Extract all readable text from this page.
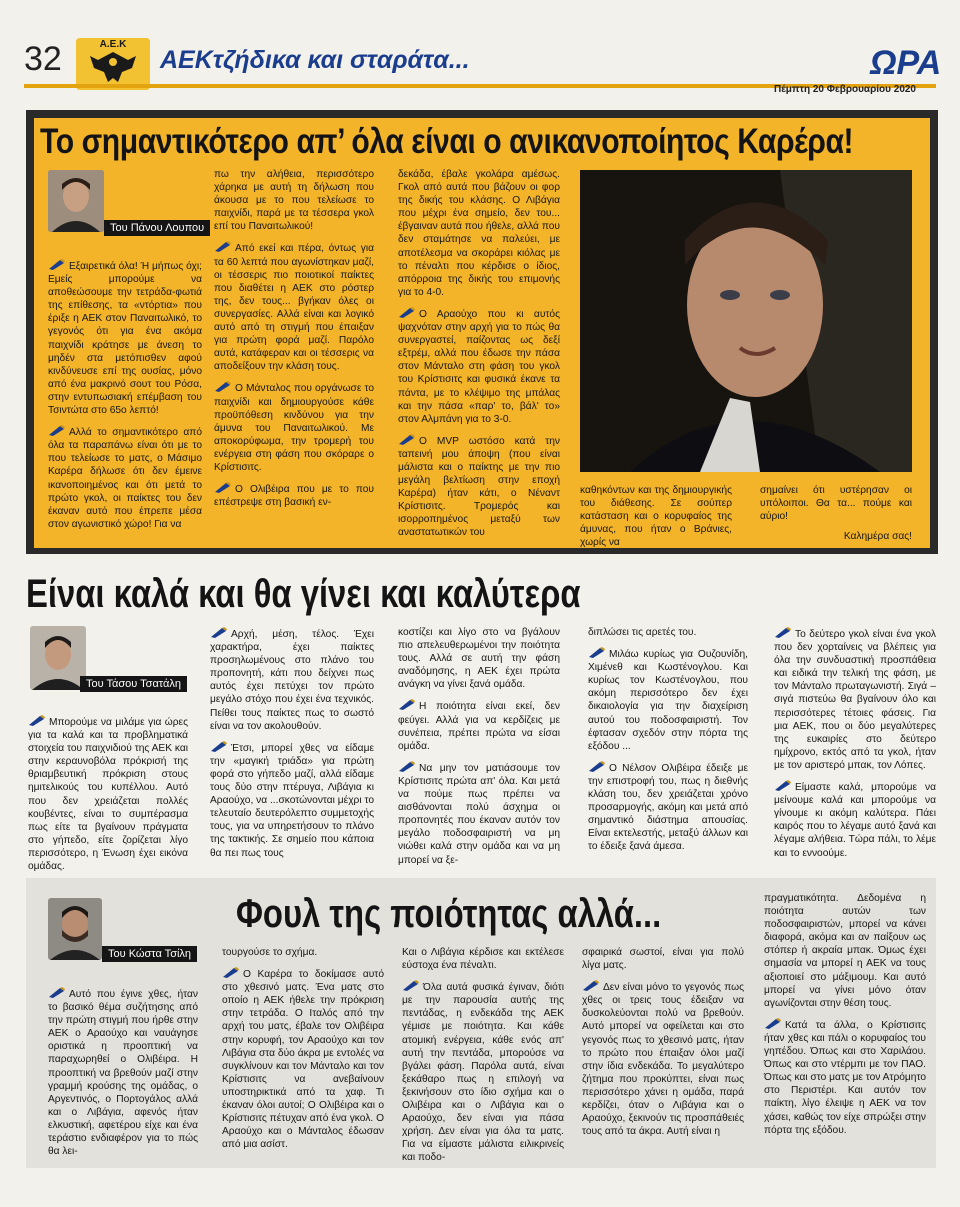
32	Α.Ε.Κ
ΑΕΚτζήδικα και σταράτα...	ΩΡΑ
Πέμπτη 20 Φεβρουαρίου 2020
Το σημαντικότερο απ’ όλα είναι ο ανικανοποίητος Καρέρα!
Του Πάνου Λουπου

Εξαιρετικά όλα! Ή μήπως όχι; Εμείς μπορούμε να αποθεώσουμε την τετράδα-φωτιά της επίθεσης, τα «ντόρτια» που έριξε η ΑΕΚ στον Παναιτωλικό, το γεγονός ότι για ένα ακόμα παιχνίδι κράτησε με άνεση το μηδέν στα μετόπισθεν αφού κινδύνευσε επί της ουσίας, μόνο από ένα μακρινό σουτ του Ρόσα, στην εντυπωσιακή επέμβαση του Τσιντώτα στο 65ο λεπτό!

Αλλά το σημαντικότερο από όλα τα παραπάνω είναι ότι με το που τελείωσε το ματς, ο Μάσιμο Καρέρα δήλωσε ότι δεν έμεινε ικανοποιημένος και ότι μετά το πρώτο γκολ, οι παίκτες του δεν έκαναν αυτό που έπρεπε μέσα στον αγωνιστικό χώρο! Για να

πω την αλήθεια, περισσότερο χάρηκα με αυτή τη δήλωση που άκουσα με το που τελείωσε το παιχνίδι, παρά με τα τέσσερα γκολ επί του Παναιτωλικού!

Από εκεί και πέρα, όντως για τα 60 λεπτά που αγωνίστηκαν μαζί, οι τέσσερις πιο ποιοτικοί παίκτες που διαθέτει η ΑΕΚ στο ρόστερ της, δεν τους... βγήκαν όλες οι συνεργασίες. Αλλά είναι και λογικό αυτό από τη στιγμή που έπαιξαν για πρώτη φορά μαζί. Παρόλο αυτά, κατάφεραν και οι τέσσερις να αποδείξουν την κλάση τους.

Ο Μάνταλος που οργάνωσε το παιχνίδι και δημιουργούσε κάθε προϋπόθεση κινδύνου για την άμυνα του Παναιτωλικού. Με αποκορύφωμα, την τρομερή του ενέργεια στη φάση που σκόραρε ο Κρίστισιτς.

Ο Ολιβέιρα που με το που επέστρεψε στη βασική εν-

δεκάδα, έβαλε γκολάρα αμέσως. Γκολ από αυτά που βάζουν οι φορ της δικής του κλάσης. Ο Λιβάγια που μέχρι ένα σημείο, δεν του... έβγαιναν αυτά που ήθελε, αλλά που δεν σταμάτησε να παλεύει, με αποτέλεσμα να σκοράρει κιόλας με το πέναλτι που κέρδισε ο ίδιος, απόρροια της δικής του επιμονής για το 4-0.

Ο Αραούχο που κι αυτός ψαχνόταν στην αρχή για το πώς θα συνεργαστεί, παίζοντας ως δεξί εξτρέμ, αλλά που έδωσε την πάσα στον Μάνταλο στη φάση του γκολ του Κρίστισιτς και φυσικά έκανε τα πάντα, με το κλέψιμο της μπάλας και την πάσα «παρ' το, βάλ' το» στον Αλμπάνη για το 3-0.

Ο MVP ωστόσο κατά την ταπεινή μου άποψη (που είναι μάλιστα και ο παίκτης με την πιο μεγάλη βελτίωση στην εποχή Καρέρα) ήταν κάτι, ο Νέναντ Κρίστισιτς. Τρομερός και ισορροπημένος μεταξύ των αναστατωτικών του

καθηκόντων και της δημιουργικής του διάθεσης. Σε σούπερ κατάσταση και ο κορυφαίος της άμυνας, που ήταν ο Βράνιες, χωρίς να

σημαίνει ότι υστέρησαν οι υπόλοιποι. Θα τα... πούμε και αύριο!

Καλημέρα σας!

Είναι καλά και θα γίνει και καλύτερα
Του Τάσου Τσατάλη

Μπορούμε να μιλάμε για ώρες για τα καλά και τα προβληματικά στοιχεία του παιχνιδιού της ΑΕΚ και στην κεραυνοβόλα πρόκρισή της θριαμβευτική πρόκριση στους ημιτελικούς του κυπέλλου. Αυτό που δεν χρειάζεται πολλές κουβέντες, είναι το συμπέρασμα πως είτε τα βγαίνουν πράγματα στο γήπεδο, είτε ζορίζεται λίγο περισσότερο, η Ένωση έχει εικόνα ομάδας.

Αρχή, μέση, τέλος. Έχει χαρακτήρα, έχει παίκτες προσηλωμένους στο πλάνο του προπονητή, κάτι που δείχνει πως αυτός έχει πετύχει τον πρώτο μεγάλο στόχο που έχει ένα τεχνικός. Πείθει τους παίκτες πως το σωστό είναι να τον ακολουθούν.

Έτσι, μπορεί χθες να είδαμε την «μαγική τριάδα» για πρώτη φορά στο γήπεδο μαζί, αλλά είδαμε τους δύο στην πτέρυγα, Λιβάγια κι Αραούχο, να ...σκοτώνονται μέχρι το τελευταίο δευτερόλεπτο συμμετοχής τους, για να υπηρετήσουν το πλάνο της τακτικής. Σε σημείο που κάποια θα πει πως τους

κοστίζει και λίγο στο να βγάλουν πιο απελευθερωμένοι την ποιότητα τους. Αλλά σε αυτή την φάση αναδόμησης, η ΑΕΚ έχει πρώτα ανάγκη να γίνει ξανά ομάδα.

Η ποιότητα είναι εκεί, δεν φεύγει. Αλλά για να κερδίζεις με συνέπεια, πρέπει πρώτα να είσαι ομάδα.

Να μην τον ματιάσουμε τον Κρίστισιτς πρώτα απ' όλα. Και μετά να πούμε πως πρέπει να αισθάνονται πολύ άσχημα οι προπονητές που έκαναν αυτόν τον μεγάλο ποδοσφαιριστή να μη νιώθει καλά στην ομάδα και να μη μπορεί να ξε-

διπλώσει τις αρετές του.

Μιλάω κυρίως για Ουζουνίδη, Χιμένεθ και Κωστένογλου. Και κυρίως τον Κωστένογλου, που ακόμη περισσότερο δεν έχει δικαιολογία για την διαχείριση αυτού του ποδοσφαιριστή. Τον έφτασαν σχεδόν στην πόρτα της εξόδου ...

Ο Νέλσον Ολιβέιρα έδειξε με την επιστροφή του, πως η διεθνής κλάση του, δεν χρειάζεται χρόνο προσαρμογής, ακόμη και μετά από σημαντικό διάστημα απουσίας. Είναι εκτελεστής, μεταξύ άλλων και το έδειξε ξανά άμεσα.

Το δεύτερο γκολ είναι ένα γκολ που δεν χορταίνεις να βλέπεις για όλα την συνδυαστική προσπάθεια και ειδικά την τελική της φάση, με τον Μάνταλο πρωταγωνιστή. Σιγά – σιγά πιστεύω θα βγαίνουν όλο και περισσότερες τέτοιες φάσεις. Για μια ΑΕΚ, που οι δύο μεγαλύτερες της ευκαιρίες στο δεύτερο ημίχρονο, εκτός από τα γκολ, ήταν με τον αριστερό μπακ, τον Λόπες.

Είμαστε καλά, μπορούμε να μείνουμε καλά και μπορούμε να γίνουμε κι ακόμη καλύτερα. Πάει καιρός που το λέγαμε αυτό ξανά και λέγαμε αλήθεια. Τώρα πάλι, το λέμε και το εννοούμε.

Φουλ της ποιότητας αλλά...
Του Κώστα Τσίλη

Αυτό που έγινε χθες, ήταν το βασικό θέμα συζήτησης από την πρώτη στιγμή που ήρθε στην ΑΕΚ ο Αραούχο και ναυάγησε οριστικά η προοπτική να παραχωρηθεί ο Ολιβέιρα. Η προοπτική να βρεθούν μαζί στην γραμμή κρούσης της ομάδας, ο Αργεντινός, ο Πορτογάλος αλλά και ο Λιβάγια, αφενός ήταν ελκυστική, αφετέρου είχε και ένα τεράστιο ενδιαφέρον για το πώς θα λει-

τουργούσε το σχήμα.

Ο Καρέρα το δοκίμασε αυτό στο χθεσινό ματς. Ένα ματς στο οποίο η ΑΕΚ ήθελε την πρόκριση στην τετράδα. Ο Ιταλός από την αρχή του ματς, έβαλε τον Ολιβέιρα στην κορυφή, τον Αραούχο και τον Λιβάγια στα δύο άκρα με εντολές να συγκλίνουν και τον Μάνταλο και τον Κρίστισιτς να ανεβαίνουν υποστηρικτικά από τα χαφ. Τι έκαναν όλοι αυτοί; Ο Ολιβέιρα και ο Κρίστισιτς πέτυχαν από ένα γκολ. Ο Αραούχο και ο Μάνταλος έδωσαν από μια ασίστ.

Και ο Λιβάγια κέρδισε και εκτέλεσε εύστοχα ένα πέναλτι.

Όλα αυτά φυσικά έγιναν, διότι με την παρουσία αυτής της πεντάδας, η ενδεκάδα της ΑΕΚ γέμισε με ποιότητα. Και κάθε ατομική ενέργεια, κάθε ενός απ' αυτή την πεντάδα, μπορούσε να βγάλει φάση. Παρόλα αυτά, είναι ξεκάθαρο πως η επιλογή να ξεκινήσουν στο ίδιο σχήμα και ο Ολιβέιρα και ο Λιβάγια και ο Αραούχο, δεν είναι για πάσα χρήση. Δεν είναι για όλα τα ματς. Για να είμαστε μάλιστα ειλικρινείς και ποδο-

σφαιρικά σωστοί, είναι για πολύ λίγα ματς.

Δεν είναι μόνο το γεγονός πως χθες οι τρεις τους έδειξαν να δυσκολεύονται πολύ να βρεθούν. Αυτό μπορεί να οφείλεται και στο γεγονός πως το χθεσινό ματς, ήταν το πρώτο που έπαιξαν όλοι μαζί στην ίδια ενδεκάδα. Το μεγαλύτερο ζήτημα που προκύπτει, είναι πως περισσότερο χάνει η ομάδα, παρά κερδίζει, όταν ο Λιβάγια και ο Αραούχο, ξεκινούν τις προσπάθειές τους από τα άκρα. Αυτή είναι η

πραγματικότητα. Δεδομένα η ποιότητα αυτών των ποδοσφαιριστών, μπορεί να κάνει διαφορά, ακόμα και αν παίξουν ως στόπερ ή ακραία μπακ. Όμως έχει σημασία να μπορεί η ΑΕΚ να τους αξιοποιεί στο μάξιμουμ. Και αυτό μπορεί να γίνει μόνο όταν αγωνίζονται στην θέση τους.

Κατά τα άλλα, ο Κρίστισιτς ήταν χθες και πάλι ο κορυφαίος του γηπέδου. Όπως και στο Χαριλάου. Όπως και στο ντέρμπι με τον ΠΑΟ. Όπως και στο ματς με τον Ατρόμητο στο Περιστέρι. Και αυτόν τον παίκτη, λίγο έλειψε η ΑΕΚ να τον χάσει, καθώς τον είχε σπρώξει στην πόρτα της εξόδου.
